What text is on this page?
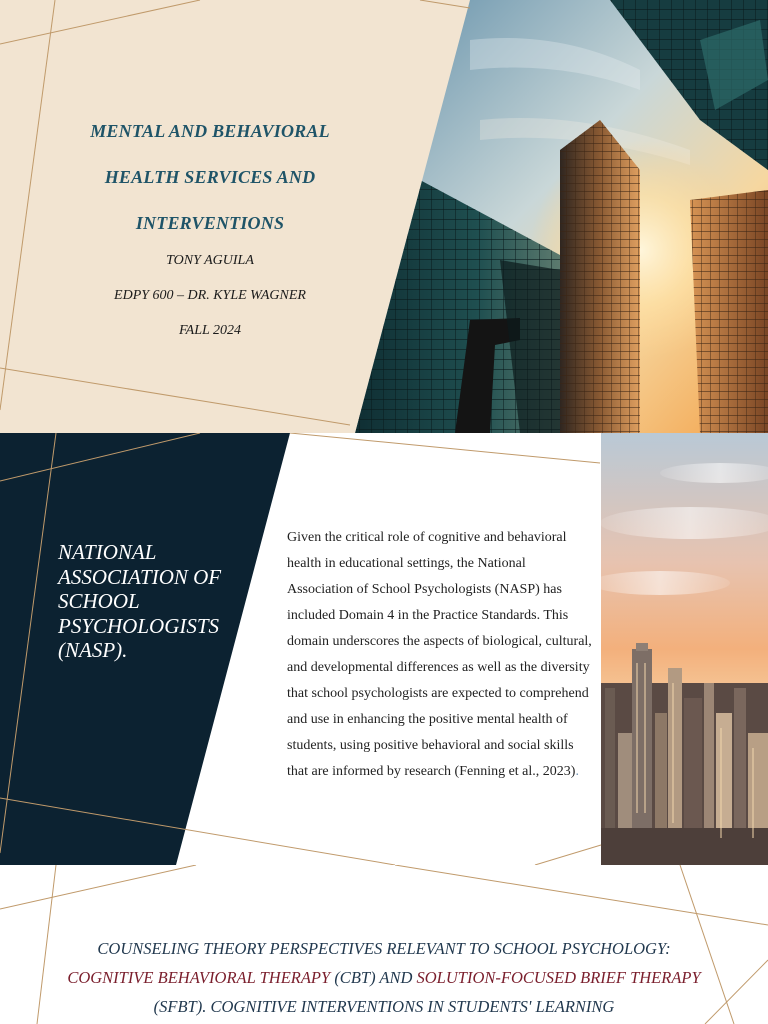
MENTAL AND BEHAVIORAL
HEALTH SERVICES AND
INTERVENTIONS
TONY AGUILA
EDPY 600 – DR. KYLE WAGNER
FALL 2024
NATIONAL ASSOCIATION OF SCHOOL PSYCHOLOGISTS (NASP).
Given the critical role of cognitive and behavioral health in educational settings, the National Association of School Psychologists (NASP) has included Domain 4 in the Practice Standards. This domain underscores the aspects of biological, cultural, and developmental differences as well as the diversity that school psychologists are expected to comprehend and use in enhancing the positive mental health of students, using positive behavioral and social skills that are informed by research (Fenning et al., 2023).
COUNSELING THEORY PERSPECTIVES RELEVANT TO SCHOOL PSYCHOLOGY: COGNITIVE BEHAVIORAL THERAPY (CBT) AND SOLUTION-FOCUSED BRIEF THERAPY (SFBT). COGNITIVE INTERVENTIONS IN STUDENTS' LEARNING
